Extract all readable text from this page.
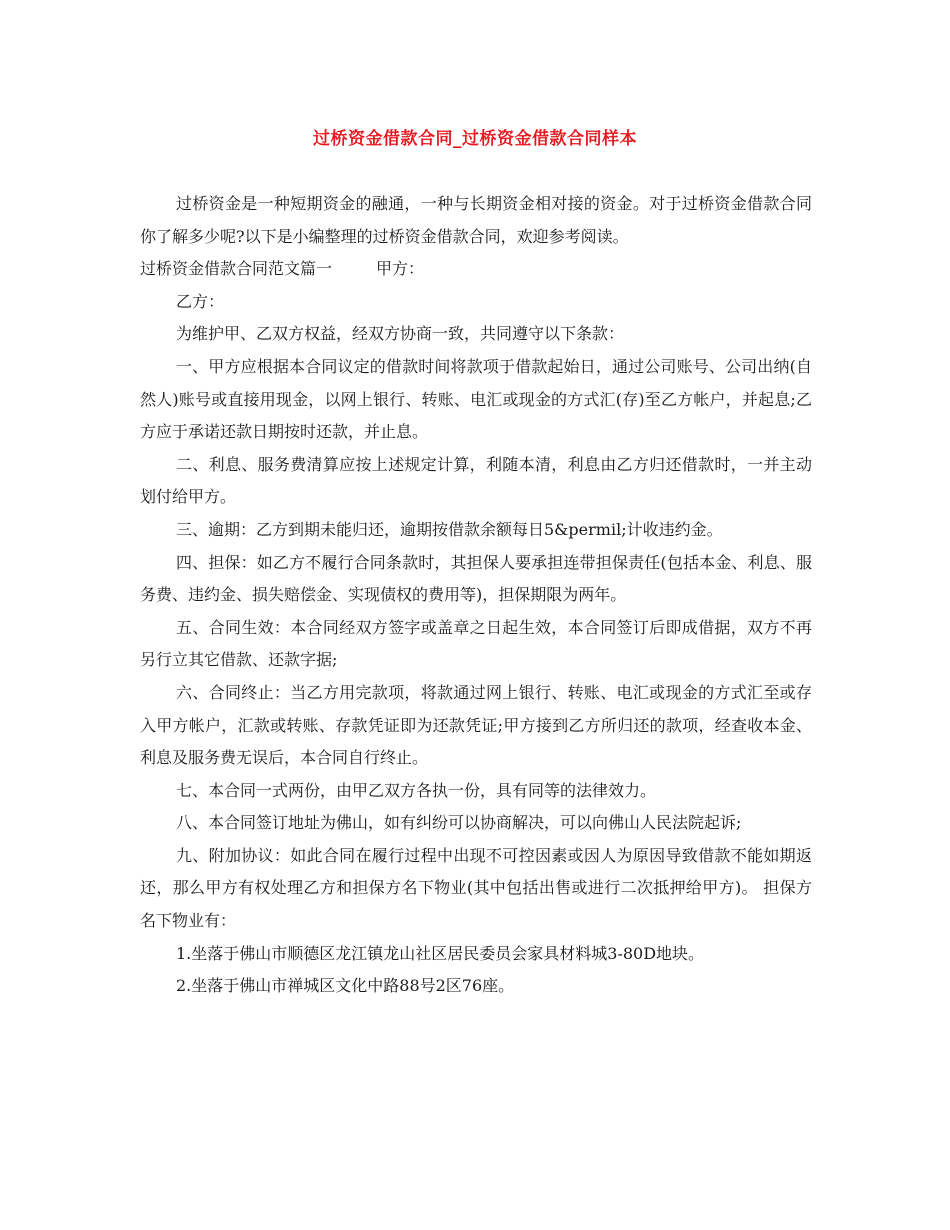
过桥资金借款合同_过桥资金借款合同样本

过桥资金是一种短期资金的融通，一种与长期资金相对接的资金。对于过桥资金借款合同你了解多少呢?以下是小编整理的过桥资金借款合同，欢迎参考阅读。

过桥资金借款合同范文篇一	甲方：

乙方：

为维护甲、乙双方权益，经双方协商一致，共同遵守以下条款：

一、甲方应根据本合同议定的借款时间将款项于借款起始日，通过公司账号、公司出纳(自然人)账号或直接用现金，以网上银行、转账、电汇或现金的方式汇(存)至乙方帐户，并起息;乙方应于承诺还款日期按时还款，并止息。

二、利息、服务费清算应按上述规定计算，利随本清，利息由乙方归还借款时，一并主动划付给甲方。

三、逾期：乙方到期未能归还，逾期按借款余额每日5&permil;计收违约金。

四、担保：如乙方不履行合同条款时，其担保人要承担连带担保责任(包括本金、利息、服务费、违约金、损失赔偿金、实现债权的费用等)，担保期限为两年。

五、合同生效：本合同经双方签字或盖章之日起生效，本合同签订后即成借据，双方不再另行立其它借款、还款字据;

六、合同终止：当乙方用完款项，将款通过网上银行、转账、电汇或现金的方式汇至或存入甲方帐户，汇款或转账、存款凭证即为还款凭证;甲方接到乙方所归还的款项，经查收本金、利息及服务费无误后，本合同自行终止。

七、本合同一式两份，由甲乙双方各执一份，具有同等的法律效力。

八、本合同签订地址为佛山，如有纠纷可以协商解决，可以向佛山人民法院起诉;

九、附加协议：如此合同在履行过程中出现不可控因素或因人为原因导致借款不能如期返还，那么甲方有权处理乙方和担保方名下物业(其中包括出售或进行二次抵押给甲方)。 担保方名下物业有：

1.坐落于佛山市顺德区龙江镇龙山社区居民委员会家具材料城3-80D地块。

2.坐落于佛山市禅城区文化中路88号2区76座。
